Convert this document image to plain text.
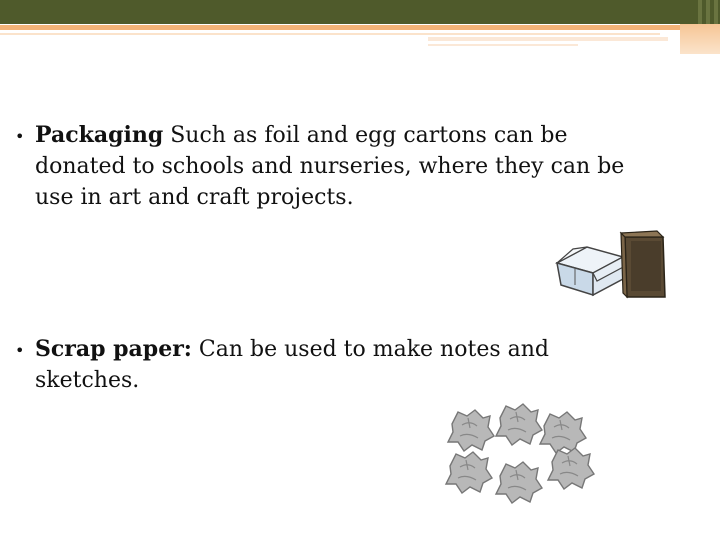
• Packaging Such as foil and egg cartons can be donated to schools and nurseries, where they can be use in art and craft projects.
• Scrap paper: Can be used to make notes and sketches.
